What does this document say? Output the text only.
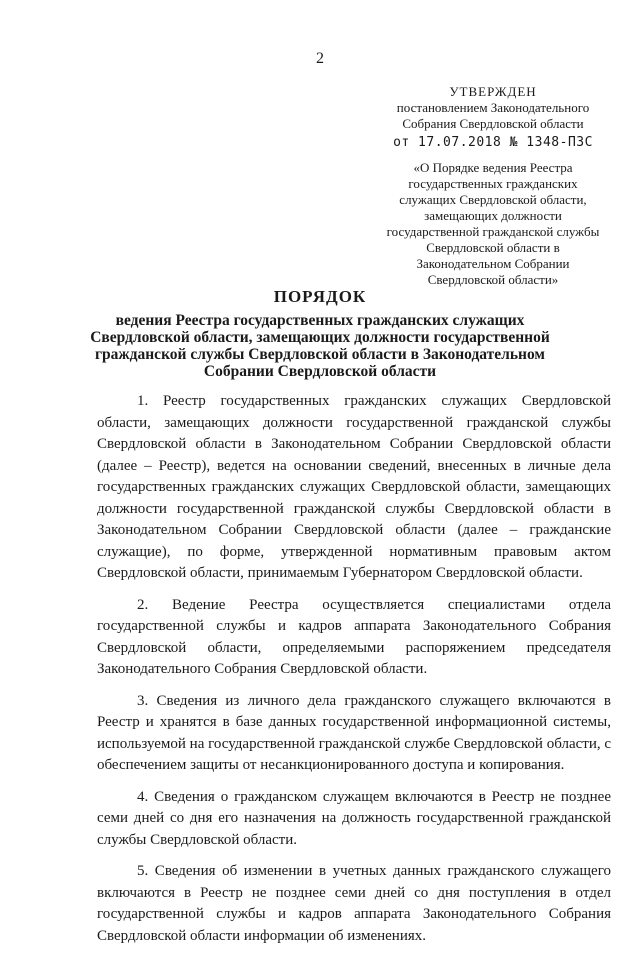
2
УТВЕРЖДЕН
постановлением Законодательного
Собрания Свердловской области
от 17.07.2018 № 1348-ПЗС
«О Порядке ведения Реестра государственных гражданских служащих Свердловской области, замещающих должности государственной гражданской службы Свердловской области в Законодательном Собрании Свердловской области»
ПОРЯДОК
ведения Реестра государственных гражданских служащих Свердловской области, замещающих должности государственной гражданской службы Свердловской области в Законодательном Собрании Свердловской области

1. Реестр государственных гражданских служащих Свердловской области, замещающих должности государственной гражданской службы Свердловской области в Законодательном Собрании Свердловской области (далее – Реестр), ведется на основании сведений, внесенных в личные дела государственных гражданских служащих Свердловской области, замещающих должности государственной гражданской службы Свердловской области в Законодательном Собрании Свердловской области (далее – гражданские служащие), по форме, утвержденной нормативным правовым актом Свердловской области, принимаемым Губернатором Свердловской области.

2. Ведение Реестра осуществляется специалистами отдела государственной службы и кадров аппарата Законодательного Собрания Свердловской области, определяемыми распоряжением председателя Законодательного Собрания Свердловской области.

3. Сведения из личного дела гражданского служащего включаются в Реестр и хранятся в базе данных государственной информационной системы, используемой на государственной гражданской службе Свердловской области, с обеспечением защиты от несанкционированного доступа и копирования.

4. Сведения о гражданском служащем включаются в Реестр не позднее семи дней со дня его назначения на должность государственной гражданской службы Свердловской области.

5. Сведения об изменении в учетных данных гражданского служащего включаются в Реестр не позднее семи дней со дня поступления в отдел государственной службы и кадров аппарата Законодательного Собрания Свердловской области информации об изменениях.
